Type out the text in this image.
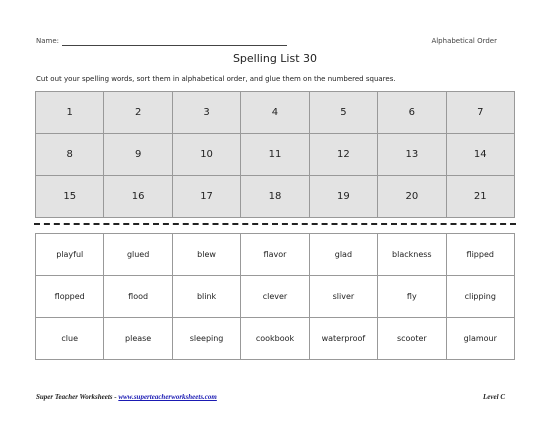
Name:	Alphabetical Order
Spelling List 30
Cut out your spelling words, sort them in alphabetical order, and glue them on the numbered squares.
1	2	3	4	5	6	7
8	9	10	11	12	13	14
15	16	17	18	19	20	21
playful	glued	blew	flavor	glad	blackness	flipped
flopped	flood	blink	clever	sliver	fly	clipping
clue	please	sleeping	cookbook	waterproof	scooter	glamour
Super Teacher Worksheets - www.superteacherworksheets.com	Level C
